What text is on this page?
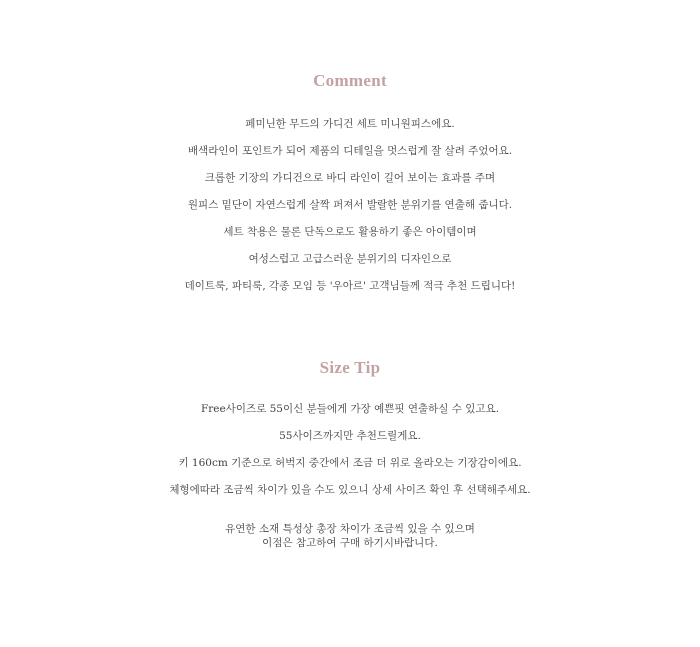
Comment

페미닌한 무드의 가디건 세트 미니원피스에요.

배색라인이 포인트가 되어 제품의 디테일을 멋스럽게 잘 살려 주었어요.

크롭한 기장의 가디건으로 바디 라인이 길어 보이는 효과를 주며

원피스 밑단이 자연스럽게 살짝 퍼져서 발랄한 분위기를 연출해 줍니다.

세트 착용은 물론 단독으로도 활용하기 좋은 아이템이며

여성스럽고 고급스러운 분위기의 디자인으로

데이트룩, 파티룩, 각종 모임 등 '우아르' 고객님들께 적극 추천 드립니다!

Size Tip

Free사이즈로 55이신 분들에게 가장 예쁜핏 연출하실 수 있고요.

55사이즈까지만 추천드릴게요.

키 160cm 기준으로 허벅지 중간에서 조금 더 위로 올라오는 기장감이에요.

체형에따라 조금씩 차이가 있을 수도 있으니 상세 사이즈 확인 후 선택해주세요.

유연한 소재 특성상 총장 차이가 조금씩 있을 수 있으며

이점은 참고하여 구매 하기시바랍니다.
